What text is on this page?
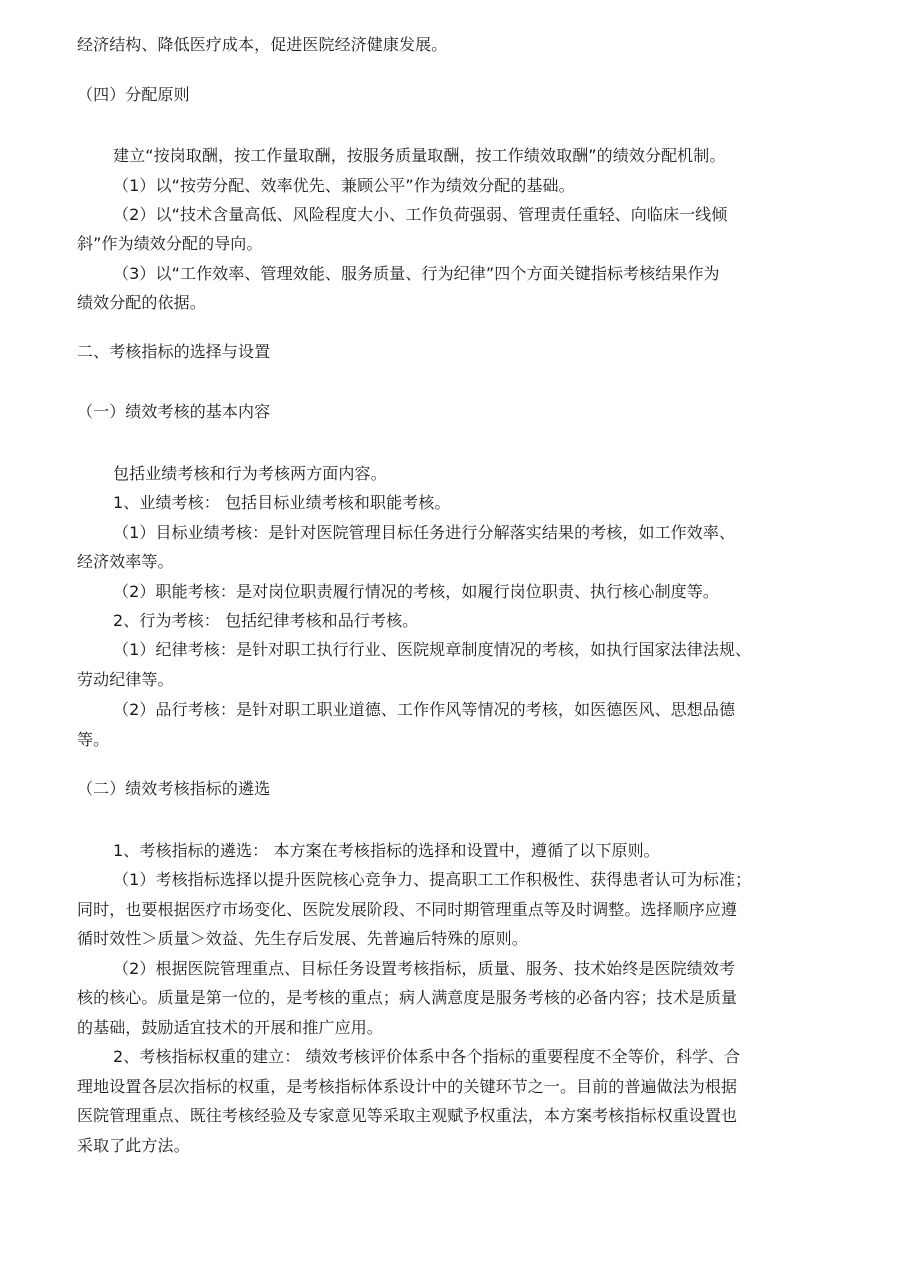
经济结构、降低医疗成本，促进医院经济健康发展。
（四）分配原则
建立“按岗取酬，按工作量取酬，按服务质量取酬，按工作绩效取酬”的绩效分配机制。
（1）以“按劳分配、效率优先、兼顾公平”作为绩效分配的基础。
（2）以“技术含量高低、风险程度大小、工作负荷强弱、管理责任重轻、向临床一线倾
斜”作为绩效分配的导向。
（3）以“工作效率、管理效能、服务质量、行为纪律”四个方面关键指标考核结果作为
绩效分配的依据。
二、考核指标的选择与设置
（一）绩效考核的基本内容
包括业绩考核和行为考核两方面内容。
1、业绩考核： 包括目标业绩考核和职能考核。
（1）目标业绩考核：是针对医院管理目标任务进行分解落实结果的考核，如工作效率、
经济效率等。
（2）职能考核：是对岗位职责履行情况的考核，如履行岗位职责、执行核心制度等。
2、行为考核： 包括纪律考核和品行考核。
（1）纪律考核：是针对职工执行行业、医院规章制度情况的考核，如执行国家法律法规、
劳动纪律等。
（2）品行考核：是针对职工职业道德、工作作风等情况的考核，如医德医风、思想品德
等。
（二）绩效考核指标的遴选
1、考核指标的遴选： 本方案在考核指标的选择和设置中，遵循了以下原则。
（1）考核指标选择以提升医院核心竞争力、提高职工工作积极性、获得患者认可为标准；
同时，也要根据医疗市场变化、医院发展阶段、不同时期管理重点等及时调整。选择顺序应遵
循时效性＞质量＞效益、先生存后发展、先普遍后特殊的原则。
（2）根据医院管理重点、目标任务设置考核指标，质量、服务、技术始终是医院绩效考
核的核心。质量是第一位的，是考核的重点；病人满意度是服务考核的必备内容；技术是质量
的基础，鼓励适宜技术的开展和推广应用。
2、考核指标权重的建立： 绩效考核评价体系中各个指标的重要程度不全等价，科学、合
理地设置各层次指标的权重，是考核指标体系设计中的关键环节之一。目前的普遍做法为根据
医院管理重点、既往考核经验及专家意见等采取主观赋予权重法，本方案考核指标权重设置也
采取了此方法。
